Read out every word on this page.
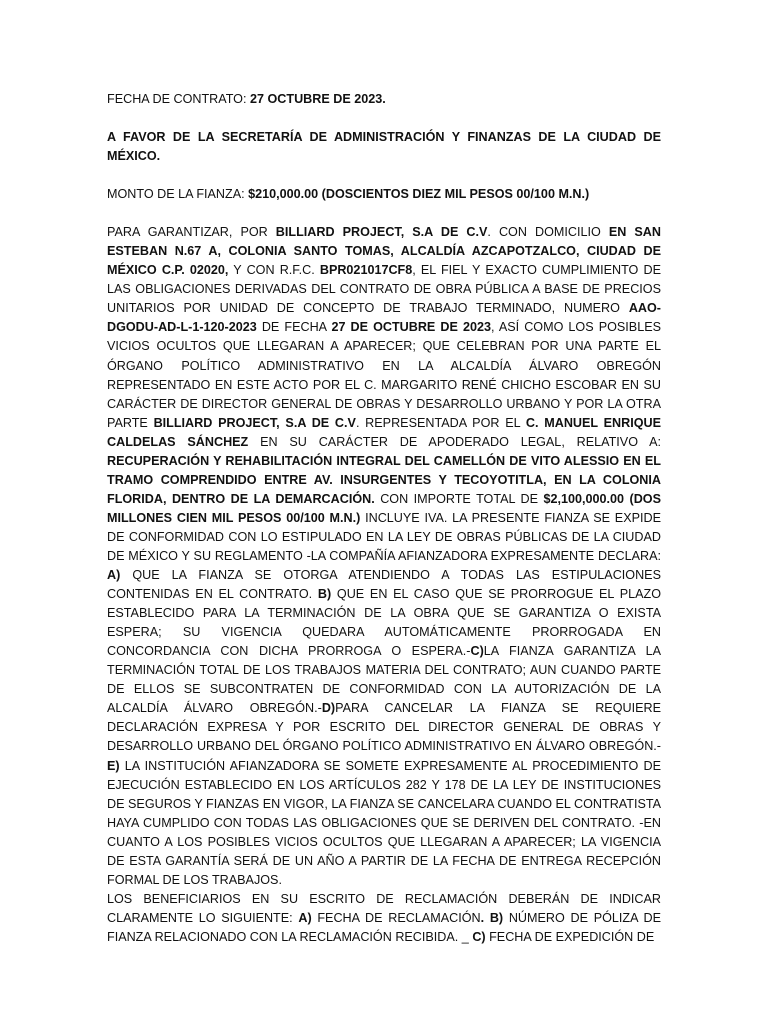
FECHA DE CONTRATO: 27 OCTUBRE DE 2023.

A FAVOR DE LA SECRETARÍA DE ADMINISTRACIÓN Y FINANZAS DE LA CIUDAD DE MÉXICO.

MONTO DE LA FIANZA: $210,000.00 (DOSCIENTOS DIEZ MIL PESOS 00/100 M.N.)

PARA GARANTIZAR, POR BILLIARD PROJECT, S.A DE C.V. CON DOMICILIO EN SAN ESTEBAN N.67 A, COLONIA SANTO TOMAS, ALCALDÍA AZCAPOTZALCO, CIUDAD DE MÉXICO C.P. 02020, Y CON R.F.C. BPR021017CF8, EL FIEL Y EXACTO CUMPLIMIENTO DE LAS OBLIGACIONES DERIVADAS DEL CONTRATO DE OBRA PÚBLICA A BASE DE PRECIOS UNITARIOS POR UNIDAD DE CONCEPTO DE TRABAJO TERMINADO, NUMERO AAO-DGODU-AD-L-1-120-2023 DE FECHA 27 DE OCTUBRE DE 2023, ASÍ COMO LOS POSIBLES VICIOS OCULTOS QUE LLEGARAN A APARECER; QUE CELEBRAN POR UNA PARTE EL ÓRGANO POLÍTICO ADMINISTRATIVO EN LA ALCALDÍA ÁLVARO OBREGÓN REPRESENTADO EN ESTE ACTO POR EL C. MARGARITO RENÉ CHICHO ESCOBAR EN SU CARÁCTER DE DIRECTOR GENERAL DE OBRAS Y DESARROLLO URBANO Y POR LA OTRA PARTE BILLIARD PROJECT, S.A DE C.V. REPRESENTADA POR EL C. MANUEL ENRIQUE CALDELAS SÁNCHEZ EN SU CARÁCTER DE APODERADO LEGAL, RELATIVO A: RECUPERACIÓN Y REHABILITACIÓN INTEGRAL DEL CAMELLÓN DE VITO ALESSIO EN EL TRAMO COMPRENDIDO ENTRE AV. INSURGENTES Y TECOYOTITLA, EN LA COLONIA FLORIDA, DENTRO DE LA DEMARCACIÓN. CON IMPORTE TOTAL DE $2,100,000.00 (DOS MILLONES CIEN MIL PESOS 00/100 M.N.) INCLUYE IVA. LA PRESENTE FIANZA SE EXPIDE DE CONFORMIDAD CON LO ESTIPULADO EN LA LEY DE OBRAS PÚBLICAS DE LA CIUDAD DE MÉXICO Y SU REGLAMENTO -LA COMPAÑÍA AFIANZADORA EXPRESAMENTE DECLARA: A) QUE LA FIANZA SE OTORGA ATENDIENDO A TODAS LAS ESTIPULACIONES CONTENIDAS EN EL CONTRATO. B) QUE EN EL CASO QUE SE PRORROGUE EL PLAZO ESTABLECIDO PARA LA TERMINACIÓN DE LA OBRA QUE SE GARANTIZA O EXISTA ESPERA; SU VIGENCIA QUEDARA AUTOMÁTICAMENTE PRORROGADA EN CONCORDANCIA CON DICHA PRORROGA O ESPERA.-C)LA FIANZA GARANTIZA LA TERMINACIÓN TOTAL DE LOS TRABAJOS MATERIA DEL CONTRATO; AUN CUANDO PARTE DE ELLOS SE SUBCONTRATEN DE CONFORMIDAD CON LA AUTORIZACIÓN DE LA ALCALDÍA ÁLVARO OBREGÓN.-D)PARA CANCELAR LA FIANZA SE REQUIERE DECLARACIÓN EXPRESA Y POR ESCRITO DEL DIRECTOR GENERAL DE OBRAS Y DESARROLLO URBANO DEL ÓRGANO POLÍTICO ADMINISTRATIVO EN ÁLVARO OBREGÓN.-E) LA INSTITUCIÓN AFIANZADORA SE SOMETE EXPRESAMENTE AL PROCEDIMIENTO DE EJECUCIÓN ESTABLECIDO EN LOS ARTÍCULOS 282 Y 178 DE LA LEY DE INSTITUCIONES DE SEGUROS Y FIANZAS EN VIGOR, LA FIANZA SE CANCELARA CUANDO EL CONTRATISTA HAYA CUMPLIDO CON TODAS LAS OBLIGACIONES QUE SE DERIVEN DEL CONTRATO. -EN CUANTO A LOS POSIBLES VICIOS OCULTOS QUE LLEGARAN A APARECER; LA VIGENCIA DE ESTA GARANTÍA SERÁ DE UN AÑO A PARTIR DE LA FECHA DE ENTREGA RECEPCIÓN FORMAL DE LOS TRABAJOS.

LOS BENEFICIARIOS EN SU ESCRITO DE RECLAMACIÓN DEBERÁN DE INDICAR CLARAMENTE LO SIGUIENTE: A) FECHA DE RECLAMACIÓN. B) NÚMERO DE PÓLIZA DE FIANZA RELACIONADO CON LA RECLAMACIÓN RECIBIDA. _ C) FECHA DE EXPEDICIÓN DE
